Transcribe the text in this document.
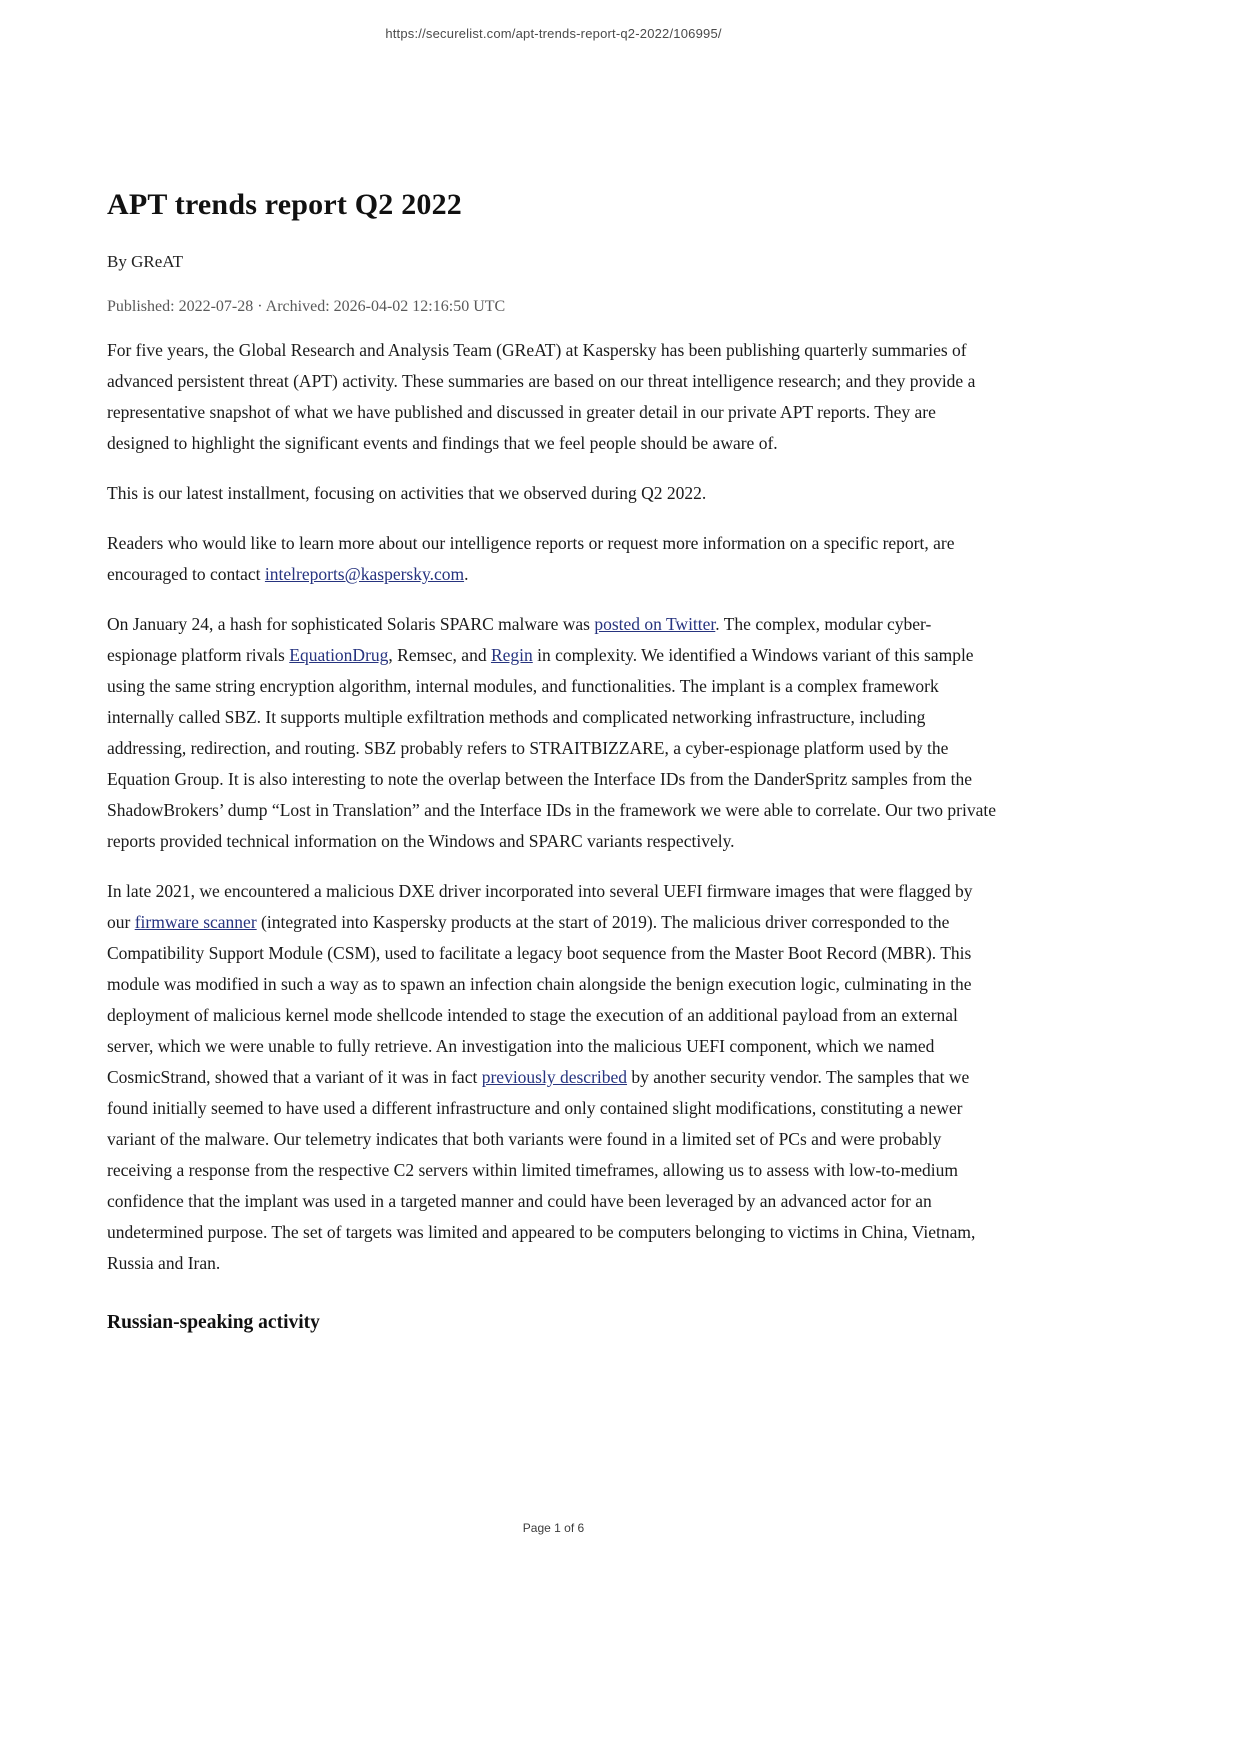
https://securelist.com/apt-trends-report-q2-2022/106995/
APT trends report Q2 2022

By GReAT

Published: 2022-07-28 · Archived: 2026-04-02 12:16:50 UTC

For five years, the Global Research and Analysis Team (GReAT) at Kaspersky has been publishing quarterly summaries of advanced persistent threat (APT) activity. These summaries are based on our threat intelligence research; and they provide a representative snapshot of what we have published and discussed in greater detail in our private APT reports. They are designed to highlight the significant events and findings that we feel people should be aware of.

This is our latest installment, focusing on activities that we observed during Q2 2022.

Readers who would like to learn more about our intelligence reports or request more information on a specific report, are encouraged to contact intelreports@kaspersky.com.

On January 24, a hash for sophisticated Solaris SPARC malware was posted on Twitter. The complex, modular cyber-espionage platform rivals EquationDrug, Remsec, and Regin in complexity. We identified a Windows variant of this sample using the same string encryption algorithm, internal modules, and functionalities. The implant is a complex framework internally called SBZ. It supports multiple exfiltration methods and complicated networking infrastructure, including addressing, redirection, and routing. SBZ probably refers to STRAITBIZZARE, a cyber-espionage platform used by the Equation Group. It is also interesting to note the overlap between the Interface IDs from the DanderSpritz samples from the ShadowBrokers’ dump “Lost in Translation” and the Interface IDs in the framework we were able to correlate. Our two private reports provided technical information on the Windows and SPARC variants respectively.

In late 2021, we encountered a malicious DXE driver incorporated into several UEFI firmware images that were flagged by our firmware scanner (integrated into Kaspersky products at the start of 2019). The malicious driver corresponded to the Compatibility Support Module (CSM), used to facilitate a legacy boot sequence from the Master Boot Record (MBR). This module was modified in such a way as to spawn an infection chain alongside the benign execution logic, culminating in the deployment of malicious kernel mode shellcode intended to stage the execution of an additional payload from an external server, which we were unable to fully retrieve. An investigation into the malicious UEFI component, which we named CosmicStrand, showed that a variant of it was in fact previously described by another security vendor. The samples that we found initially seemed to have used a different infrastructure and only contained slight modifications, constituting a newer variant of the malware. Our telemetry indicates that both variants were found in a limited set of PCs and were probably receiving a response from the respective C2 servers within limited timeframes, allowing us to assess with low-to-medium confidence that the implant was used in a targeted manner and could have been leveraged by an advanced actor for an undetermined purpose. The set of targets was limited and appeared to be computers belonging to victims in China, Vietnam, Russia and Iran.

Russian-speaking activity
Page 1 of 6
